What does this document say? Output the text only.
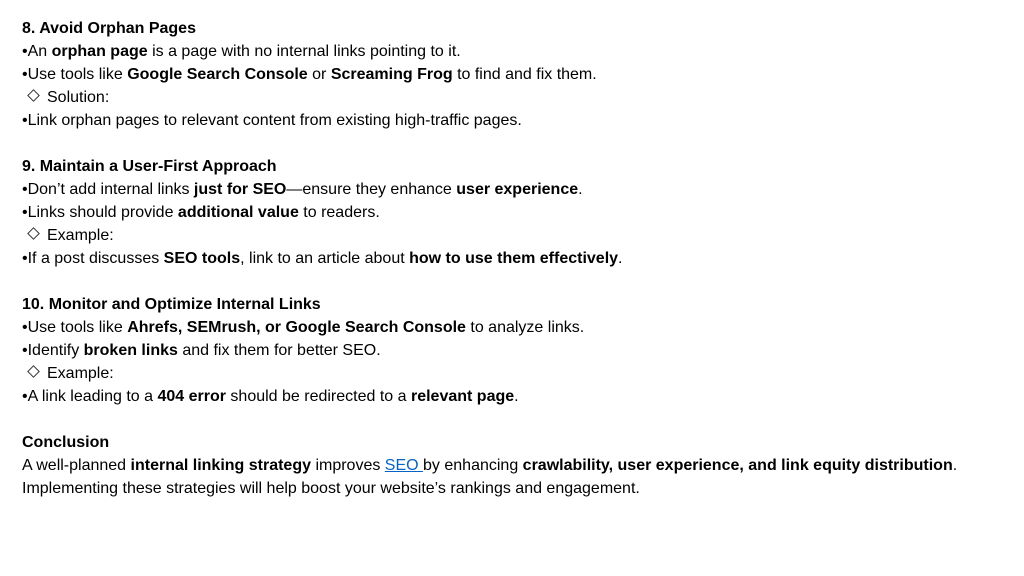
8. Avoid Orphan Pages
•An orphan page is a page with no internal links pointing to it.
•Use tools like Google Search Console or Screaming Frog to find and fix them.
Solution:
•Link orphan pages to relevant content from existing high-traffic pages.
9. Maintain a User-First Approach
•Don’t add internal links just for SEO—ensure they enhance user experience.
•Links should provide additional value to readers.
Example:
•If a post discusses SEO tools, link to an article about how to use them effectively.
10. Monitor and Optimize Internal Links
•Use tools like Ahrefs, SEMrush, or Google Search Console to analyze links.
•Identify broken links and fix them for better SEO.
Example:
•A link leading to a 404 error should be redirected to a relevant page.
Conclusion
A well-planned internal linking strategy improves SEO by enhancing crawlability, user experience, and link equity distribution. Implementing these strategies will help boost your website’s rankings and engagement.
